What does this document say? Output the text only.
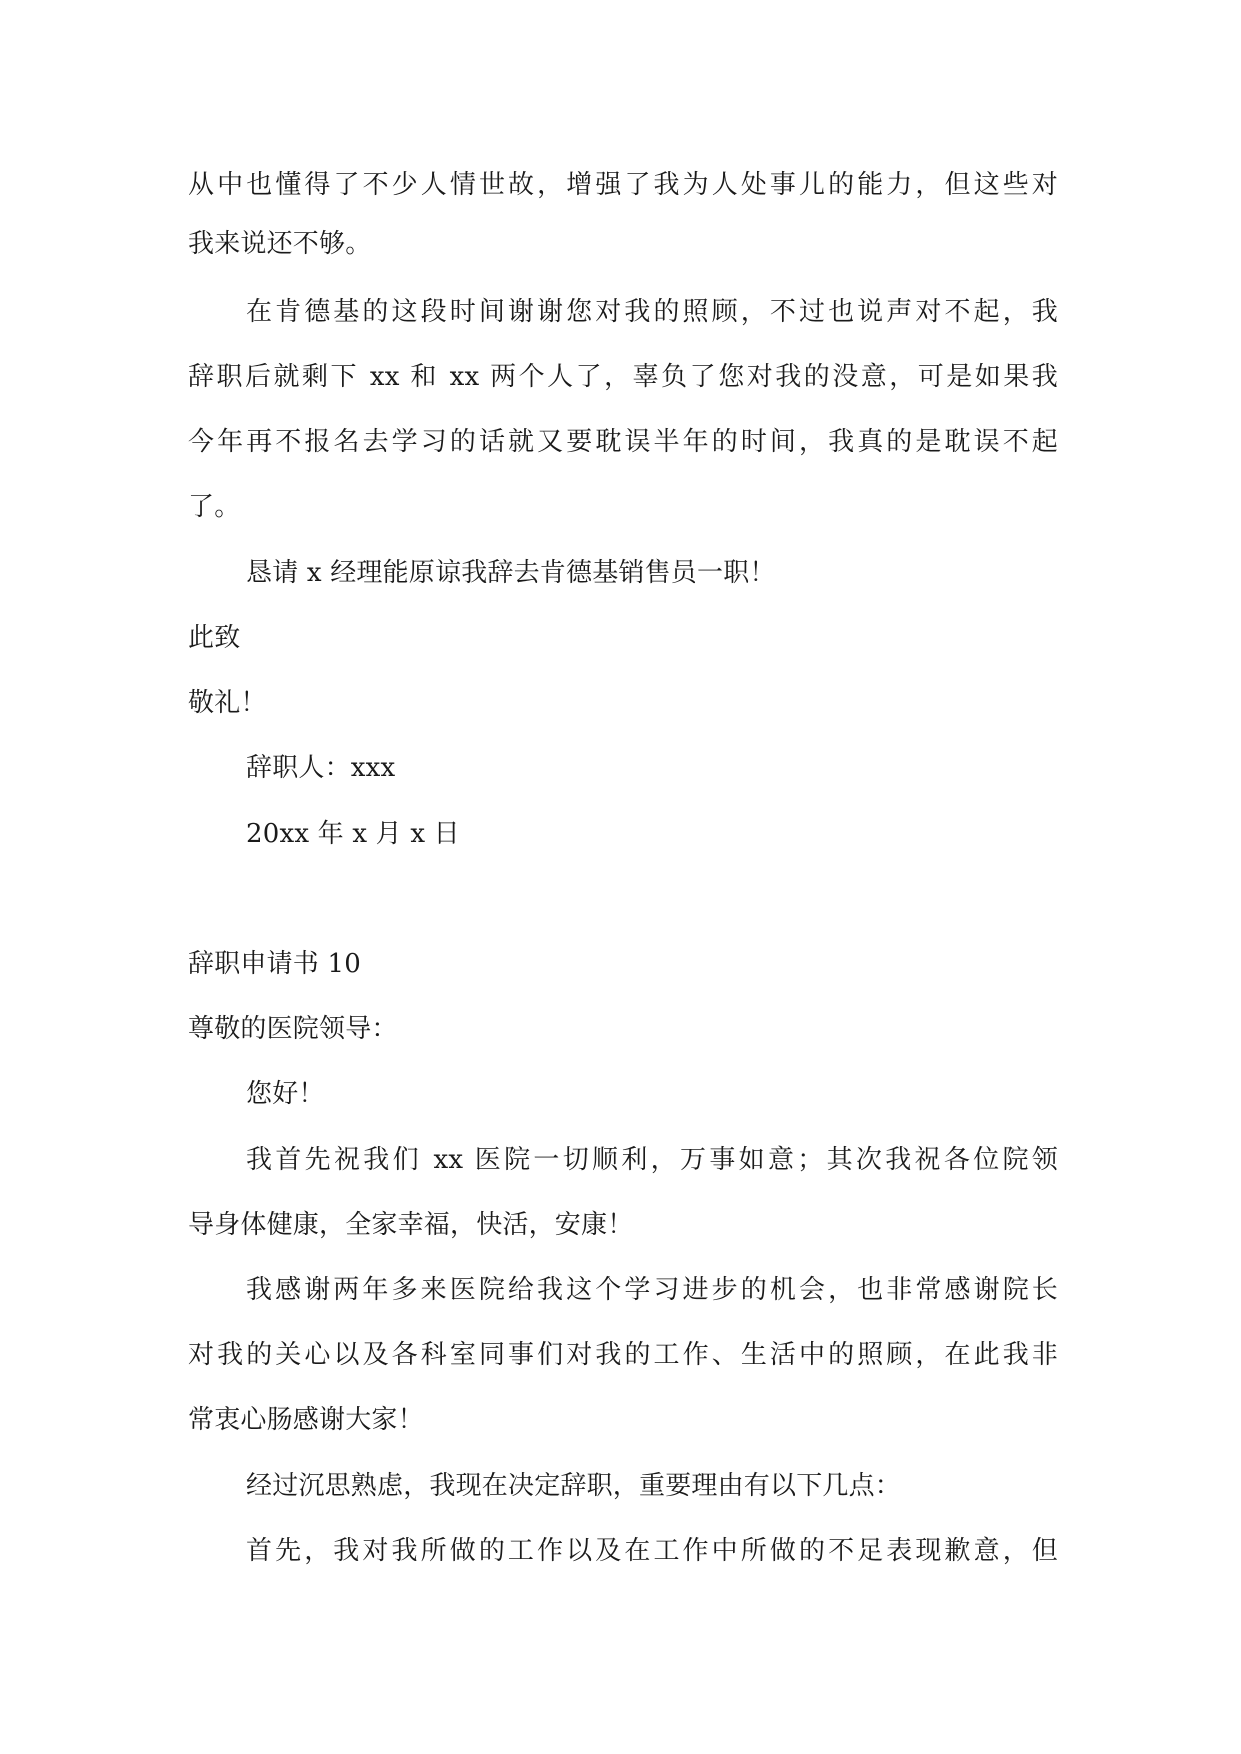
从中也懂得了不少人情世故，增强了我为人处事儿的能力，但这些对
我来说还不够。
在肯德基的这段时间谢谢您对我的照顾，不过也说声对不起，我
辞职后就剩下 xx 和 xx 两个人了，辜负了您对我的没意，可是如果我
今年再不报名去学习的话就又要耽误半年的时间，我真的是耽误不起
了。
恳请 x 经理能原谅我辞去肯德基销售员一职！
此致
敬礼！
辞职人：xxx
20xx 年 x 月 x 日
辞职申请书 10
尊敬的医院领导：
您好！
我首先祝我们 xx 医院一切顺利，万事如意；其次我祝各位院领
导身体健康，全家幸福，快活，安康！
我感谢两年多来医院给我这个学习进步的机会，也非常感谢院长
对我的关心以及各科室同事们对我的工作、生活中的照顾，在此我非
常衷心肠感谢大家！
经过沉思熟虑，我现在决定辞职，重要理由有以下几点：
首先，我对我所做的工作以及在工作中所做的不足表现歉意，但
